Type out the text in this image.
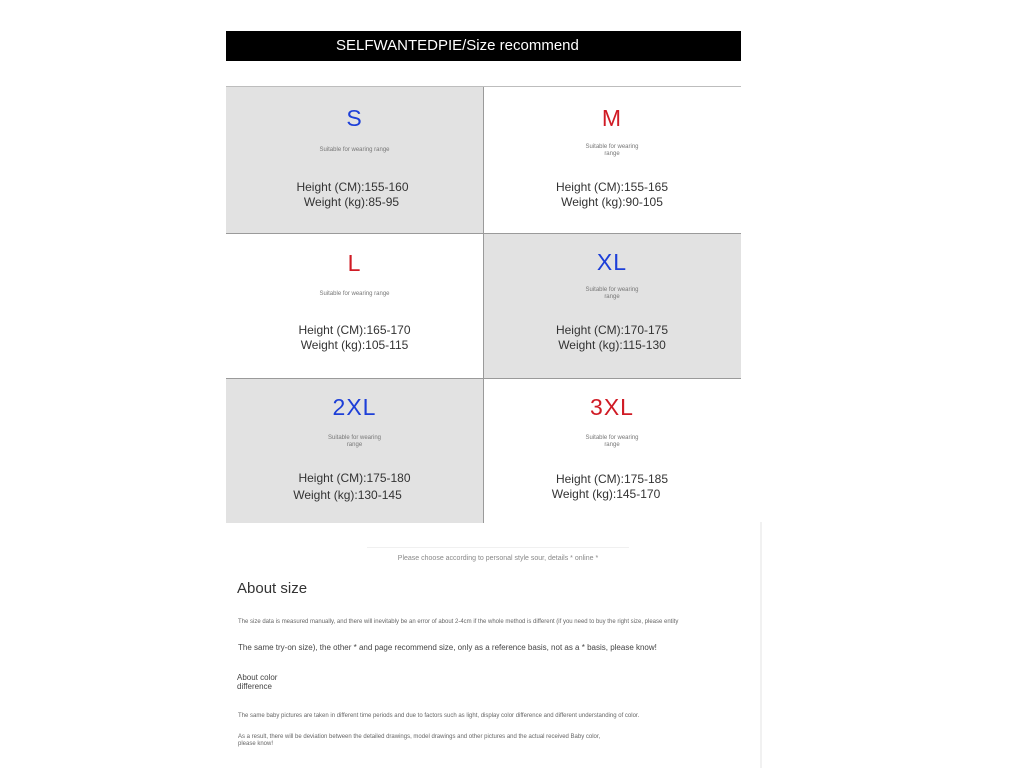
SELFWANTEDPIE/Size recommend
S
Suitable for wearing range
Height (CM):155-160
Weight (kg):85-95
M
Suitable for wearing range
Height (CM):155-165
Weight (kg):90-105
L
Suitable for wearing range
Height (CM):165-170
Weight (kg):105-115
XL
Suitable for wearing range
Height (CM):170-175
Weight (kg):115-130
2XL
Suitable for wearing range
Height (CM):175-180
Weight (kg):130-145
3XL
Suitable for wearing range
Height (CM):175-185
Weight (kg):145-170
Please choose according to personal style sour, details * online *
About size
The size data is measured manually, and there will inevitably be an error of about 2-4cm if the whole method is different (if you need to buy the right size, please entity
The same try-on size), the other * and page recommend size, only as a reference basis, not as a * basis, please know!
About color difference
The same baby pictures are taken in different time periods and due to factors such as light, display color difference and different understanding of color.
As a result, there will be deviation between the detailed drawings, model drawings and other pictures and the actual received Baby color,
please know!
